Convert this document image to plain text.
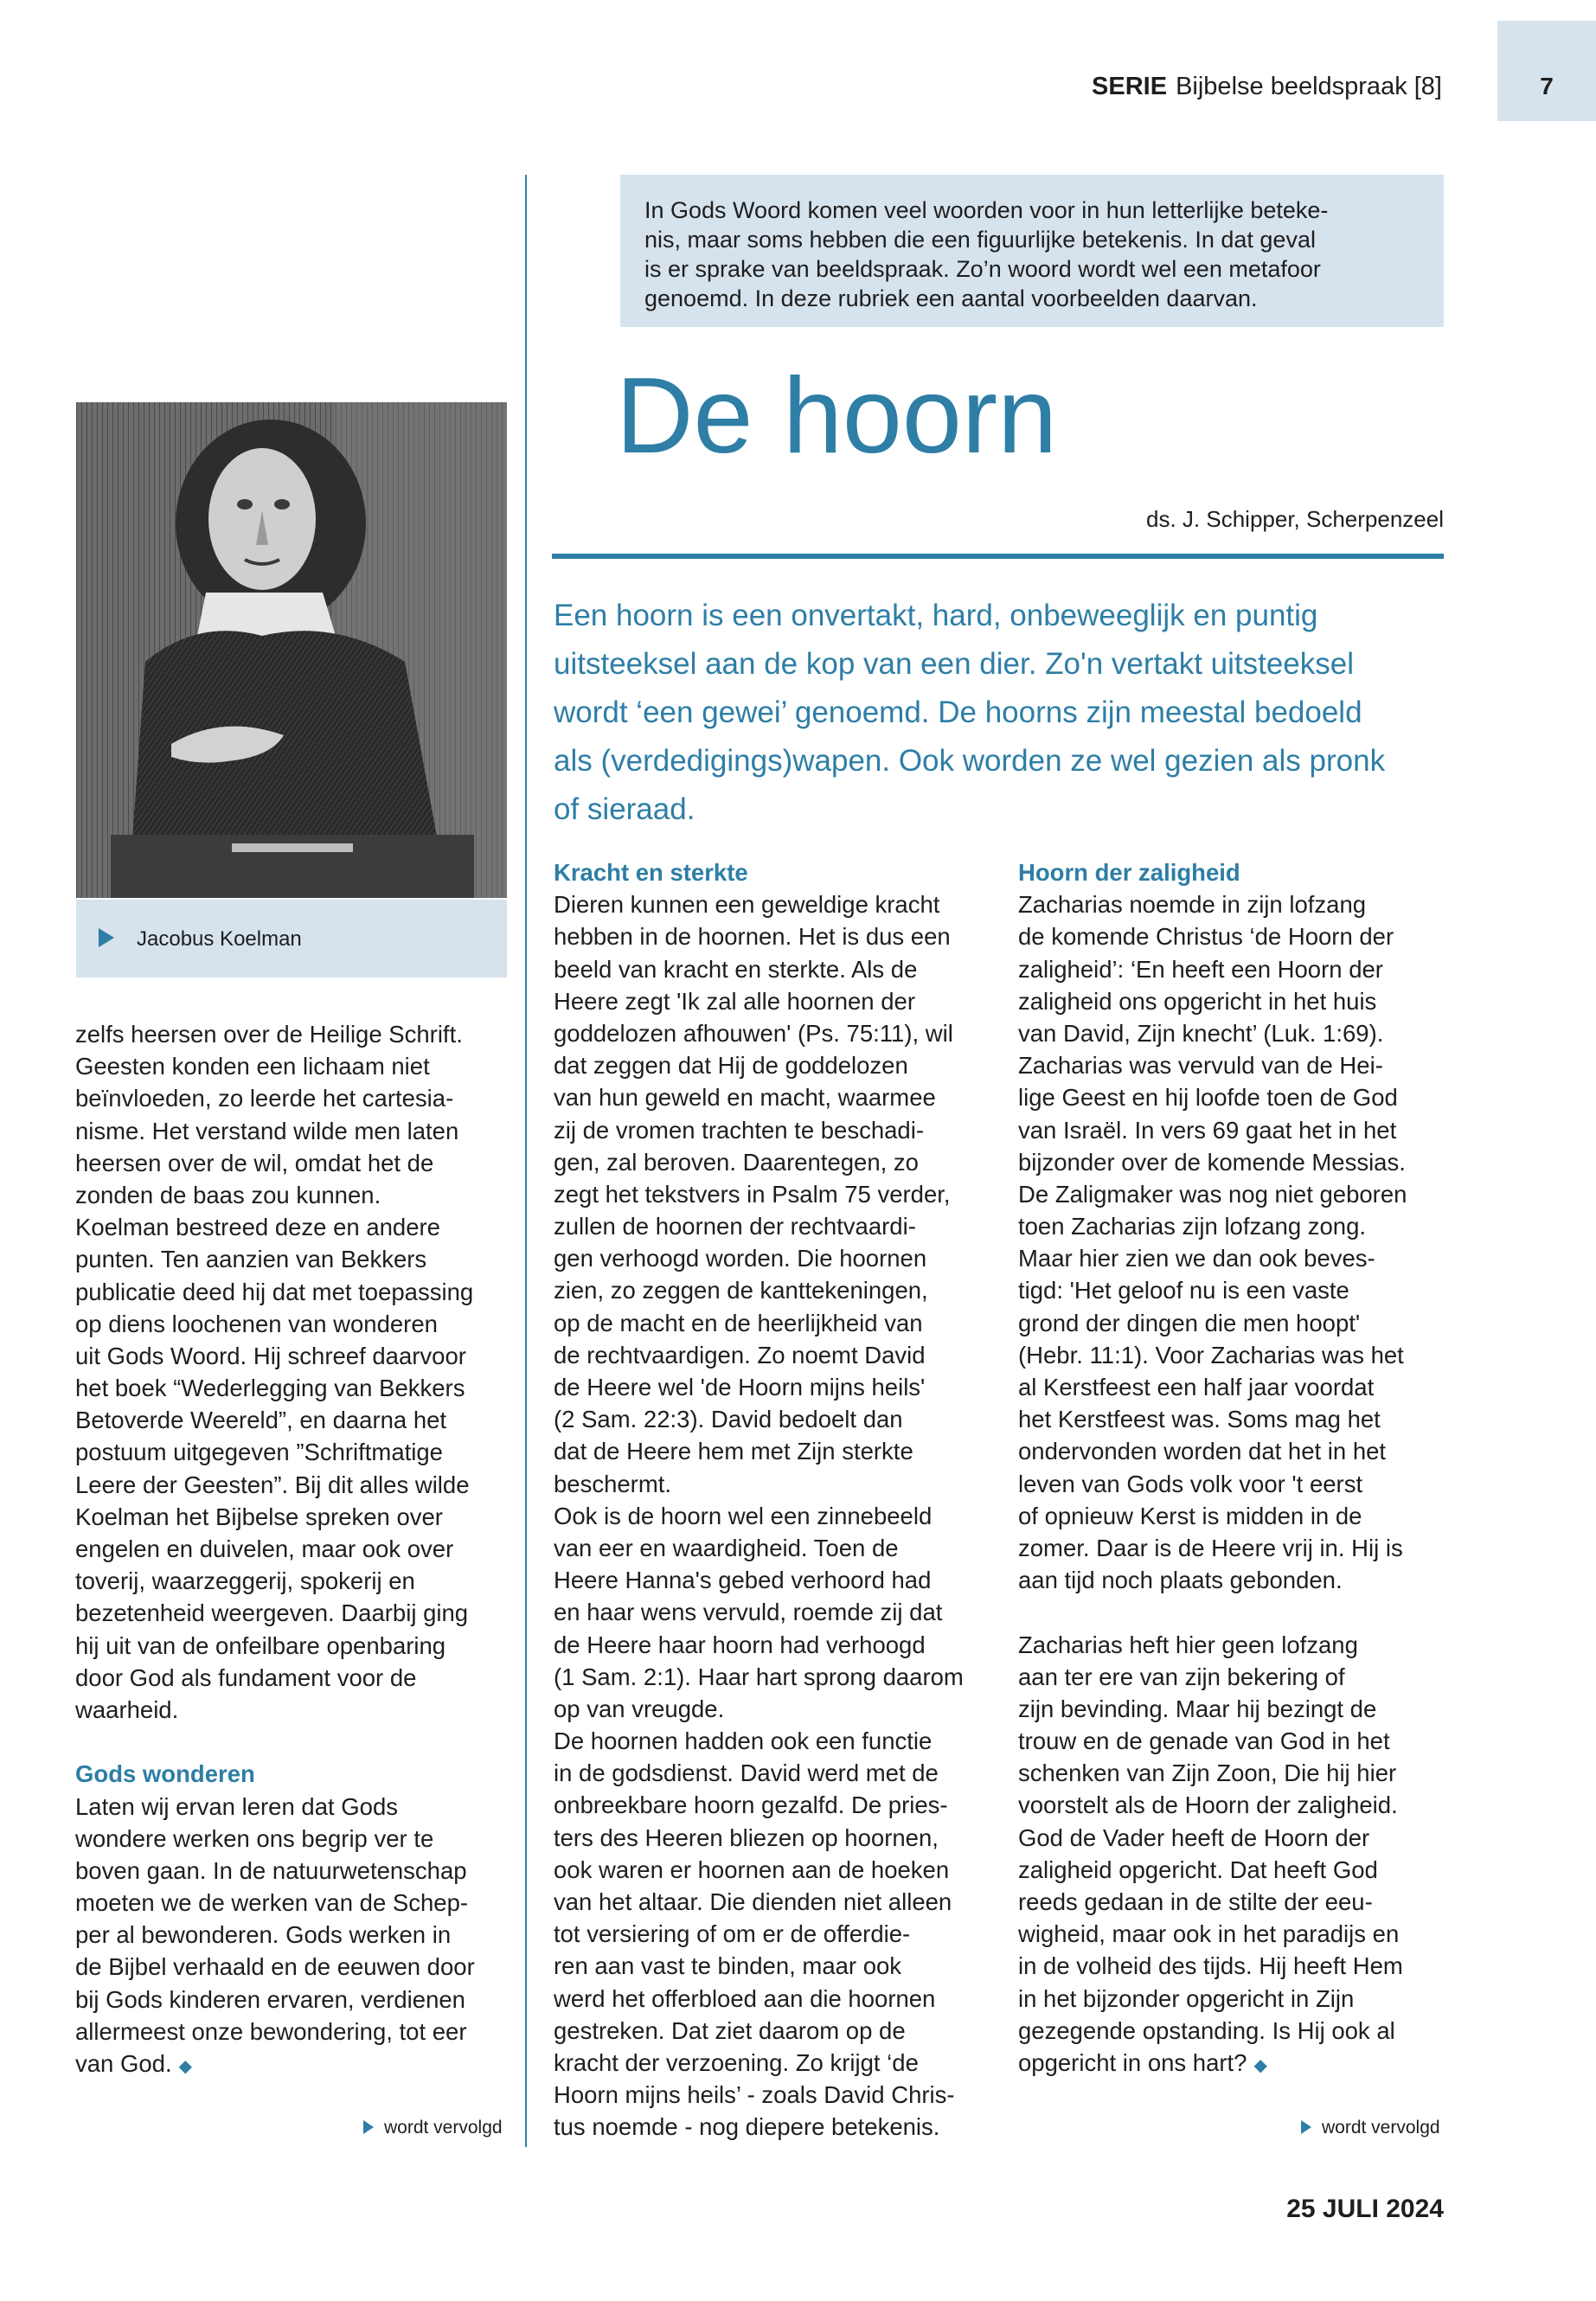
SERIE Bijbelse beeldspraak [8]	7
In Gods Woord komen veel woorden voor in hun letterlijke beteke-
nis, maar soms hebben die een figuurlijke betekenis. In dat geval
is er sprake van beeldspraak. Zo’n woord wordt wel een metafoor
genoemd. In deze rubriek een aantal voorbeelden daarvan.
De hoorn
ds. J. Schipper, Scherpenzeel
Een hoorn is een onvertakt, hard, onbeweeglijk en puntig
uitsteeksel aan de kop van een dier. Zo'n vertakt uitsteeksel
wordt ‘een gewei’ genoemd. De hoorns zijn meestal bedoeld
als (verdedigings)wapen. Ook worden ze wel gezien als pronk
of sieraad.
Jacobus Koelman
zelfs heersen over de Heilige Schrift.
Geesten konden een lichaam niet
beïnvloeden, zo leerde het cartesia-
nisme. Het verstand wilde men laten
heersen over de wil, omdat het de
zonden de baas zou kunnen.
Koelman bestreed deze en andere
punten. Ten aanzien van Bekkers
publicatie deed hij dat met toepassing
op diens loochenen van wonderen
uit Gods Woord. Hij schreef daarvoor
het boek “Wederlegging van Bekkers
Betoverde Weereld”, en daarna het
postuum uitgegeven ”Schriftmatige
Leere der Geesten”. Bij dit alles wilde
Koelman het Bijbelse spreken over
engelen en duivelen, maar ook over
toverij, waarzeggerij, spokerij en
bezetenheid weergeven. Daarbij ging
hij uit van de onfeilbare openbaring
door God als fundament voor de
waarheid.
Gods wonderen
Laten wij ervan leren dat Gods
wondere werken ons begrip ver te
boven gaan. In de natuurwetenschap
moeten we de werken van de Schep-
per al bewonderen. Gods werken in
de Bijbel verhaald en de eeuwen door
bij Gods kinderen ervaren, verdienen
allermeest onze bewondering, tot eer
van God. ◆
wordt vervolgd
Kracht en sterkte
Dieren kunnen een geweldige kracht
hebben in de hoornen. Het is dus een
beeld van kracht en sterkte. Als de
Heere zegt 'Ik zal alle hoornen der
goddelozen afhouwen' (Ps. 75:11), wil
dat zeggen dat Hij de goddelozen
van hun geweld en macht, waarmee
zij de vromen trachten te beschadi-
gen, zal beroven. Daarentegen, zo
zegt het tekstvers in Psalm 75 verder,
zullen de hoornen der rechtvaardi-
gen verhoogd worden. Die hoornen
zien, zo zeggen de kanttekeningen,
op de macht en de heerlijkheid van
de rechtvaardigen. Zo noemt David
de Heere wel 'de Hoorn mijns heils'
(2 Sam. 22:3). David bedoelt dan
dat de Heere hem met Zijn sterkte
beschermt.
Ook is de hoorn wel een zinnebeeld
van eer en waardigheid. Toen de
Heere Hanna's gebed verhoord had
en haar wens vervuld, roemde zij dat
de Heere haar hoorn had verhoogd
(1 Sam. 2:1). Haar hart sprong daarom
op van vreugde.
De hoornen hadden ook een functie
in de godsdienst. David werd met de
onbreekbare hoorn gezalfd. De pries-
ters des Heeren bliezen op hoornen,
ook waren er hoornen aan de hoeken
van het altaar. Die dienden niet alleen
tot versiering of om er de offerdie-
ren aan vast te binden, maar ook
werd het offerbloed aan die hoornen
gestreken. Dat ziet daarom op de
kracht der verzoening. Zo krijgt ‘de
Hoorn mijns heils’ - zoals David Chris-
tus noemde - nog diepere betekenis.
Hoorn der zaligheid
Zacharias noemde in zijn lofzang
de komende Christus ‘de Hoorn der
zaligheid’: ‘En heeft een Hoorn der
zaligheid ons opgericht in het huis
van David, Zijn knecht’ (Luk. 1:69).
Zacharias was vervuld van de Hei-
lige Geest en hij loofde toen de God
van Israël. In vers 69 gaat het in het
bijzonder over de komende Messias.
De Zaligmaker was nog niet geboren
toen Zacharias zijn lofzang zong.
Maar hier zien we dan ook beves-
tigd: 'Het geloof nu is een vaste
grond der dingen die men hoopt'
(Hebr. 11:1). Voor Zacharias was het
al Kerstfeest een half jaar voordat
het Kerstfeest was. Soms mag het
ondervonden worden dat het in het
leven van Gods volk voor 't eerst
of opnieuw Kerst is midden in de
zomer. Daar is de Heere vrij in. Hij is
aan tijd noch plaats gebonden.
Zacharias heft hier geen lofzang
aan ter ere van zijn bekering of
zijn bevinding. Maar hij bezingt de
trouw en de genade van God in het
schenken van Zijn Zoon, Die hij hier
voorstelt als de Hoorn der zaligheid.
God de Vader heeft de Hoorn der
zaligheid opgericht. Dat heeft God
reeds gedaan in de stilte der eeu-
wigheid, maar ook in het paradijs en
in de volheid des tijds. Hij heeft Hem
in het bijzonder opgericht in Zijn
gezegende opstanding. Is Hij ook al
opgericht in ons hart? ◆
wordt vervolgd
25 JULI 2024
